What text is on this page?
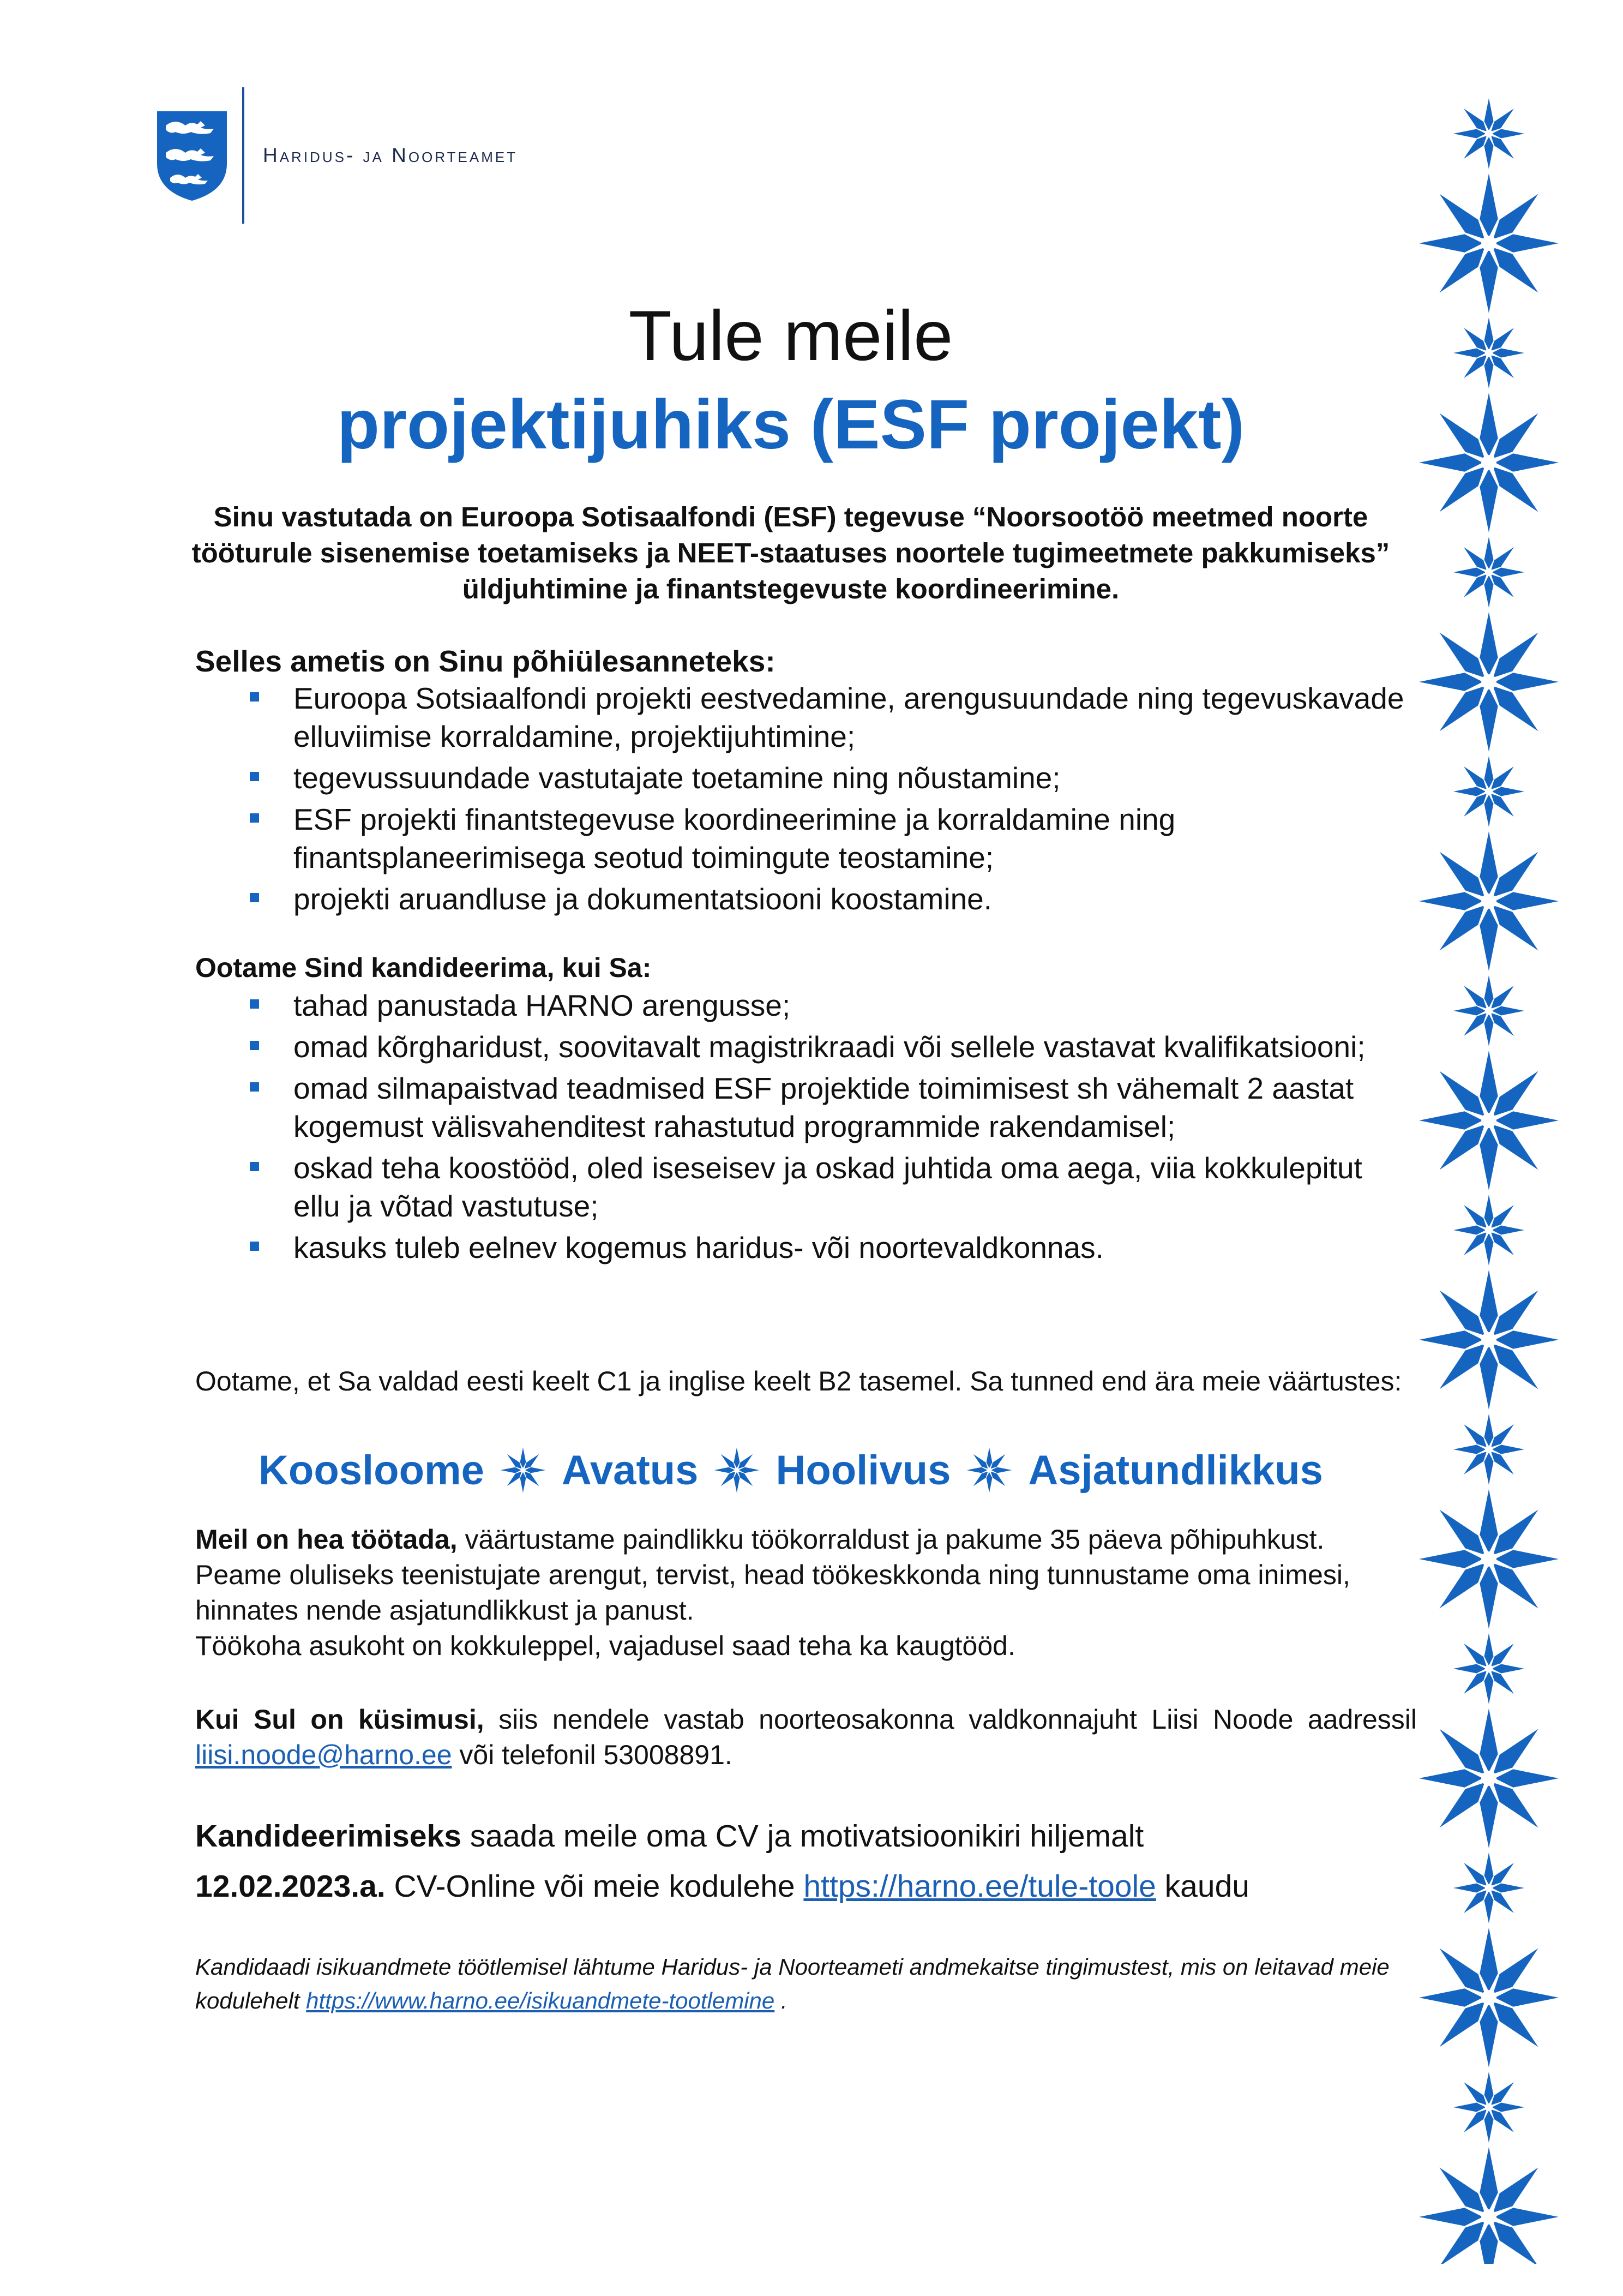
Haridus- ja Noorteamet
Tule meile
projektijuhiks (ESF projekt)
Sinu vastutada on Euroopa Sotisaalfondi (ESF) tegevuse “Noorsootöö meetmed noorte tööturule sisenemise toetamiseks ja NEET-staatuses noortele tugimeetmete pakkumiseks” üldjuhtimine ja finantstegevuste koordineerimine.
Selles ametis on Sinu põhiülesanneteks:
Euroopa Sotsiaalfondi projekti eestvedamine, arengusuundade ning tegevuskavade elluviimise korraldamine, projektijuhtimine;
tegevussuundade vastutajate toetamine ning nõustamine;
ESF projekti finantstegevuse koordineerimine ja korraldamine ning finantsplaneerimisega seotud toimingute teostamine;
projekti aruandluse ja dokumentatsiooni koostamine.
Ootame Sind kandideerima, kui Sa:
tahad panustada HARNO arengusse;
omad kõrgharidust, soovitavalt magistrikraadi või sellele vastavat kvalifikatsiooni;
omad silmapaistvad teadmised ESF projektide toimimisest sh vähemalt 2 aastat kogemust välisvahenditest rahastutud programmide rakendamisel;
oskad teha koostööd, oled iseseisev ja oskad juhtida oma aega, viia kokkulepitut ellu ja võtad vastutuse;
kasuks tuleb eelnev kogemus haridus- või noortevaldkonnas.
Ootame, et Sa valdad eesti keelt C1 ja inglise keelt B2 tasemel. Sa tunned end ära meie väärtustes:
Koosloome Avatus Hoolivus Asjatundlikkus
Meil on hea töötada, väärtustame paindlikku töökorraldust ja pakume 35 päeva põhipuhkust. Peame oluliseks teenistujate arengut, tervist, head töökeskkonda ning tunnustame oma inimesi, hinnates nende asjatundlikkust ja panust.
Töökoha asukoht on kokkuleppel, vajadusel saad teha ka kaugtööd.
Kui Sul on küsimusi, siis nendele vastab noorteosakonna valdkonnajuht Liisi Noode aadressil liisi.noode@harno.ee või telefonil 53008891.
Kandideerimiseks saada meile oma CV ja motivatsioonikiri hiljemalt
12.02.2023.a. CV-Online või meie kodulehe https://harno.ee/tule-toole kaudu
Kandidaadi isikuandmete töötlemisel lähtume Haridus- ja Noorteameti andmekaitse tingimustest, mis on leitavad meie kodulehelt https://www.harno.ee/isikuandmete-tootlemine .
